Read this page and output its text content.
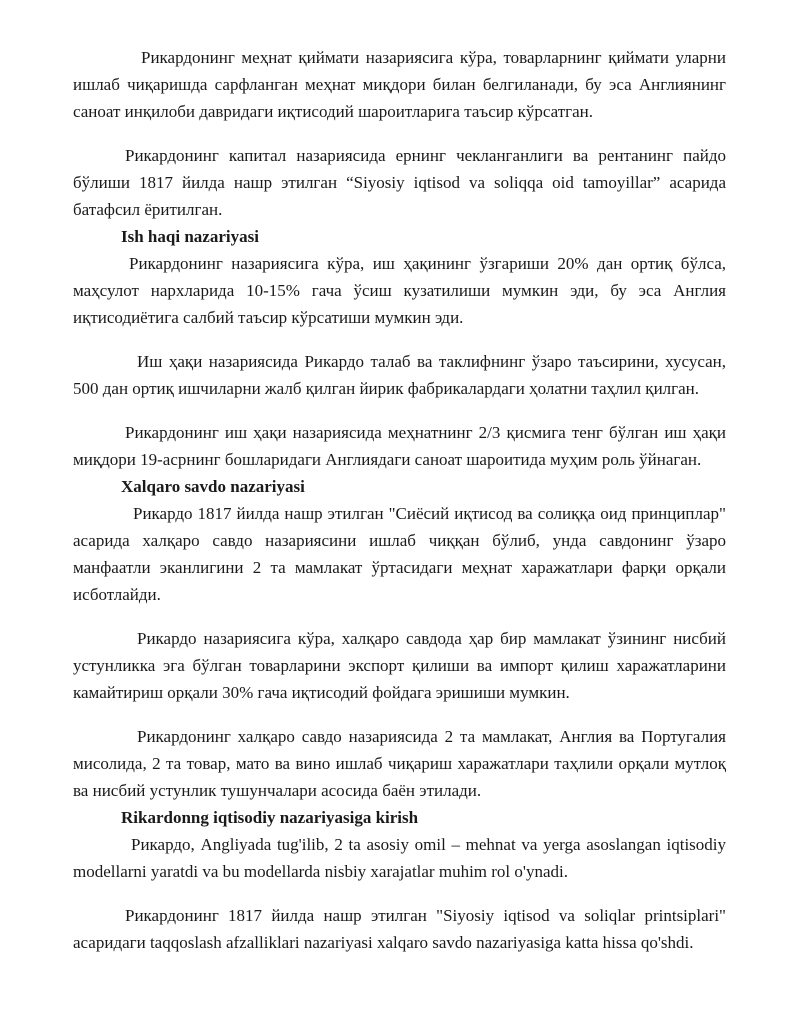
Рикардонинг меҳнат қиймати назариясига кўра, товарларнинг қиймати уларни ишлаб чиқаришда сарфланган меҳнат миқдори билан белгиланади, бу эса Англиянинг саноат инқилоби давридаги иқтисодий шароитларига таъсир кўрсатган.

Рикардонинг капитал назариясида ернинг чекланганлиги ва рентанинг пайдо бўлиши 1817 йилда нашр этилган “Siyosiy iqtisod va soliqqa oid tamoyillar” асарида батафсил ёритилган.

Ish haqi nazariyasi

Рикардонинг назариясига кўра, иш ҳақининг ўзгариши 20% дан ортиқ бўлса, маҳсулот нархларида 10-15% гача ўсиш кузатилиши мумкин эди, бу эса Англия иқтисодиётига салбий таъсир кўрсатиши мумкин эди.

Иш ҳақи назариясида Рикардо талаб ва таклифнинг ўзаро таъсирини, хусусан, 500 дан ортиқ ишчиларни жалб қилган йирик фабрикалардаги ҳолатни таҳлил қилган.

Рикардонинг иш ҳақи назариясида меҳнатнинг 2/3 қисмига тенг бўлган иш ҳақи миқдори 19-асрнинг бошларидаги Англиядаги саноат шароитида муҳим роль ўйнаган.

Xalqaro savdo nazariyasi

Рикардо 1817 йилда нашр этилган "Сиёсий иқтисод ва солиққа оид принциплар" асарида халқаро савдо назариясини ишлаб чиққан бўлиб, унда савдонинг ўзаро манфаатли эканлигини 2 та мамлакат ўртасидаги меҳнат харажатлари фарқи орқали исботлайди.

Рикардо назариясига кўра, халқаро савдода ҳар бир мамлакат ўзининг нисбий устунликка эга бўлган товарларини экспорт қилиши ва импорт қилиш харажатларини камайтириш орқали 30% гача иқтисодий фойдага эришиши мумкин.

Рикардонинг халқаро савдо назариясида 2 та мамлакат, Англия ва Португалия мисолида, 2 та товар, мато ва вино ишлаб чиқариш харажатлари таҳлили орқали мутлоқ ва нисбий устунлик тушунчалари асосида баён этилади.

Rikardonng iqtisodiy nazariyasiga kirish

Рикардо, Angliyada tug'ilib, 2 ta asosiy omil – mehnat va yerga asoslangan iqtisodiy modellarni yaratdi va bu modellarda nisbiy xarajatlar muhim rol o'ynadi.

Рикардонинг 1817 йилда нашр этилган "Siyosiy iqtisod va soliqlar printsiplari" асаридаги taqqoslash afzalliklari nazariyasi xalqaro savdo nazariyasiga katta hissa qo'shdi.
